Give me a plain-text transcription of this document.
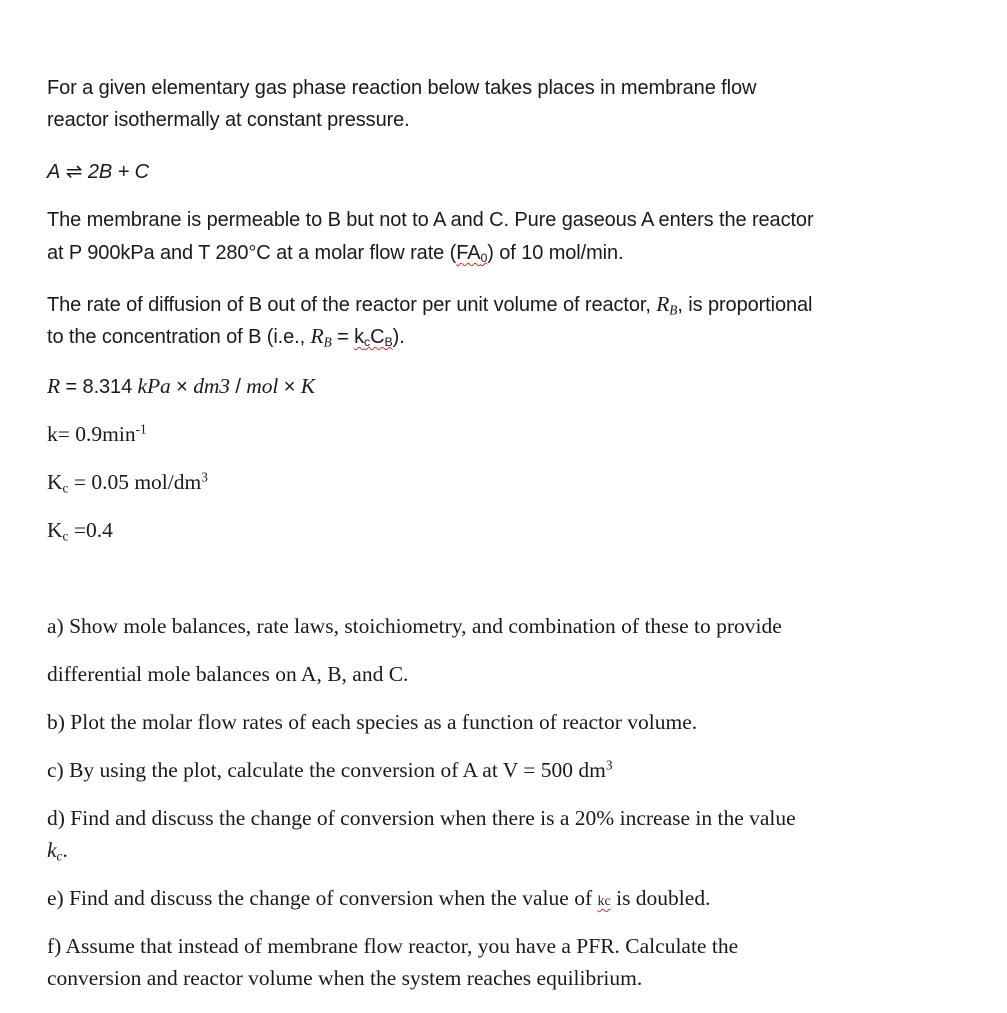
For a given elementary gas phase reaction below takes places in membrane flow
reactor isothermally at constant pressure.
A ⇌ 2B + C
The membrane is permeable to B but not to A and C. Pure gaseous A enters the reactor
at P 900kPa and T 280°C at a molar flow rate $(FA_0)$ of 10 mol/min.
The rate of diffusion of B out of the reactor per unit volume of reactor, $R_B$, is proportional
to the concentration of B (i.e., $R_B = k_cC_B$).
R = 8.314 kPa × dm3 / mol × K
$k= 0.9\min^{-1}$
$K_c = 0.05$ mol/$dm^3$
$K_c =0.4$
a) Show mole balances, rate laws, stoichiometry, and combination of these to provide
differential mole balances on A, B, and C.
b) Plot the molar flow rates of each species as a function of reactor volume.
c) By using the plot, calculate the conversion of A at V = 500 $dm^3$
d) Find and discuss the change of conversion when there is a 20% increase in the value
$k_c$.
e) Find and discuss the change of conversion when the value of kc is doubled.
f) Assume that instead of membrane flow reactor, you have a PFR. Calculate the
conversion and reactor volume when the system reaches equilibrium.
